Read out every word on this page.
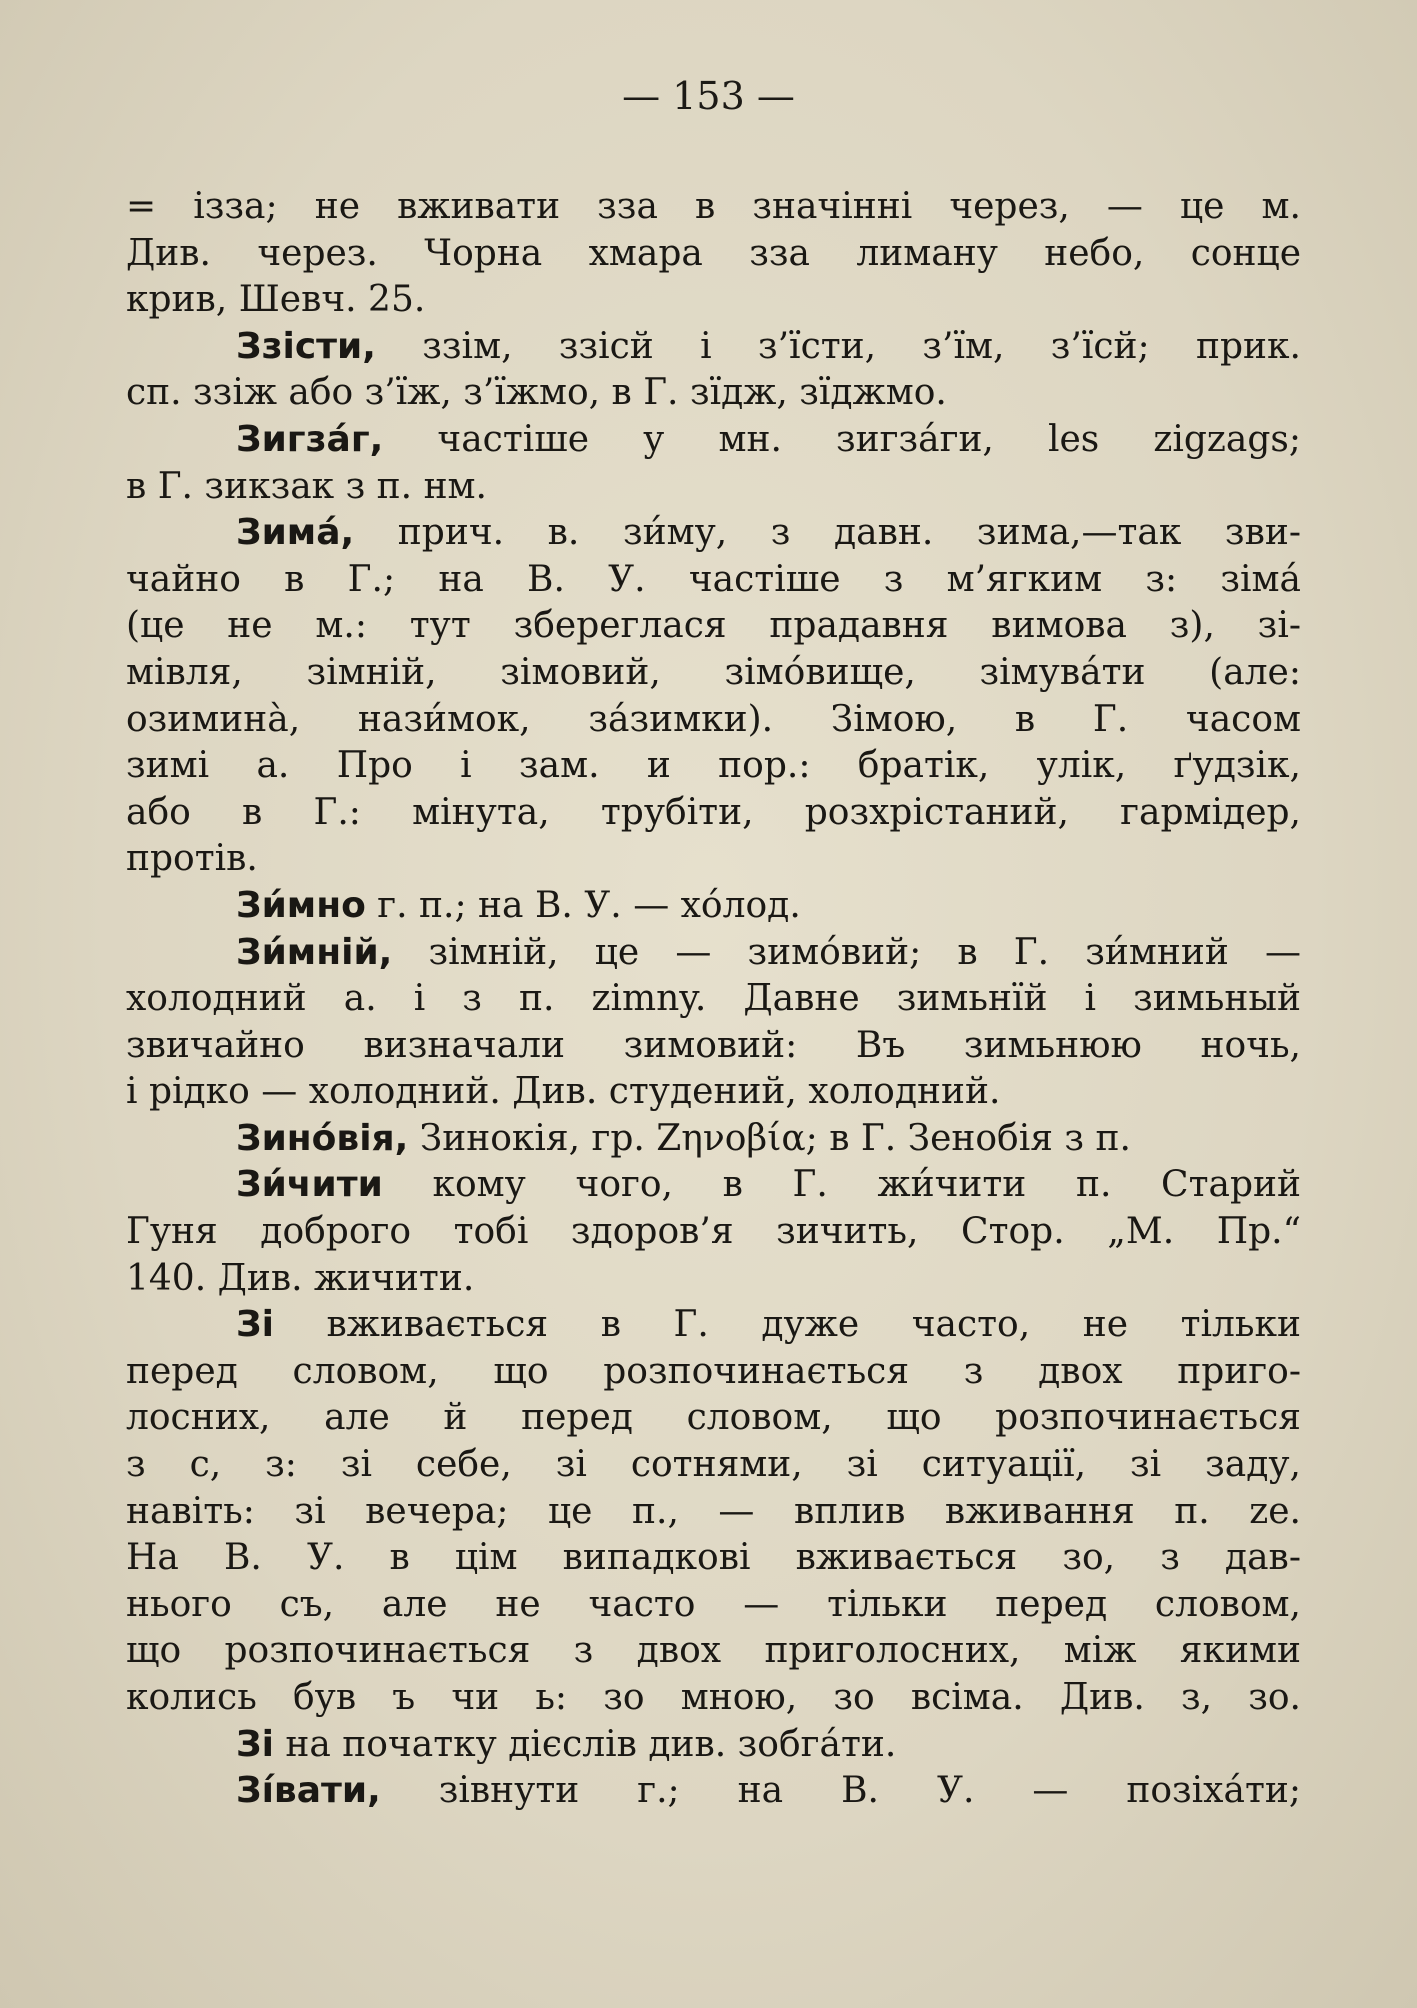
— 153 —
= ізза; не вживати зза в значінні через, — це м.
Див. через. Чорна хмара зза лиману небо, сонце
крив, Шевч. 25.
Ззісти, ззім, ззісй і з’їсти, з’їм, з’їсй; прик.
сп. ззіж або з’їж, з’їжмо, в Г. зїдж, зїджмо.
Зигза́г, частіше у мн. зигза́ги, les zigzags;
в Г. зикзак з п. нм.
Зима́, прич. в. зи́му, з давн. зима,—так зви-
чайно в Г.; на В. У. частіше з м’ягким з: зімá
(це не м.: тут збереглася прадавня вимова з), зі-
мівля, зімній, зімовий, зімо́вище, зімува́ти (але:
озимина̀, нази́мок, за́зимки). Зімою, в Г. часом
зимі а. Про і зам. и пор.: братік, улік, ґудзік,
або в Г.: мінута, трубіти, розхрістаний, гармідер,
протів.
Зи́мно г. п.; на В. У. — хо́лод.
Зи́мній, зімній, це — зимо́вий; в Г. зи́мний —
холодний а. і з п. zimny. Давне зимьнїй і зимьный
звичайно визначали зимовий: Въ зимьнюю ночь,
і рідко — холодний. Див. студений, холодний.
Зино́вія, Зинокія, гр. Ζηνοβία; в Г. Зенобія з п.
Зи́чити кому чого, в Г. жи́чити п. Старий
Гуня доброго тобі здоров’я зичить, Стор. „М. Пр.“
140. Див. жичити.
Зі вживається в Г. дуже часто, не тільки
перед словом, що розпочинається з двох приго-
лосних, але й перед словом, що розпочинається
з с, з: зі себе, зі сотнями, зі ситуації, зі заду,
навіть: зі вечера; це п., — вплив вживання п. ze.
На В. У. в цім випадкові вживається зо, з дав-
нього съ, але не часто — тільки перед словом,
що розпочинається з двох приголосних, між якими
колись був ъ чи ь: зо мною, зо всіма. Див. з, зо.
Зі на початку дієслів див. зобга́ти.
Зі́вати, зівнути г.; на В. У. — позіха́ти;
